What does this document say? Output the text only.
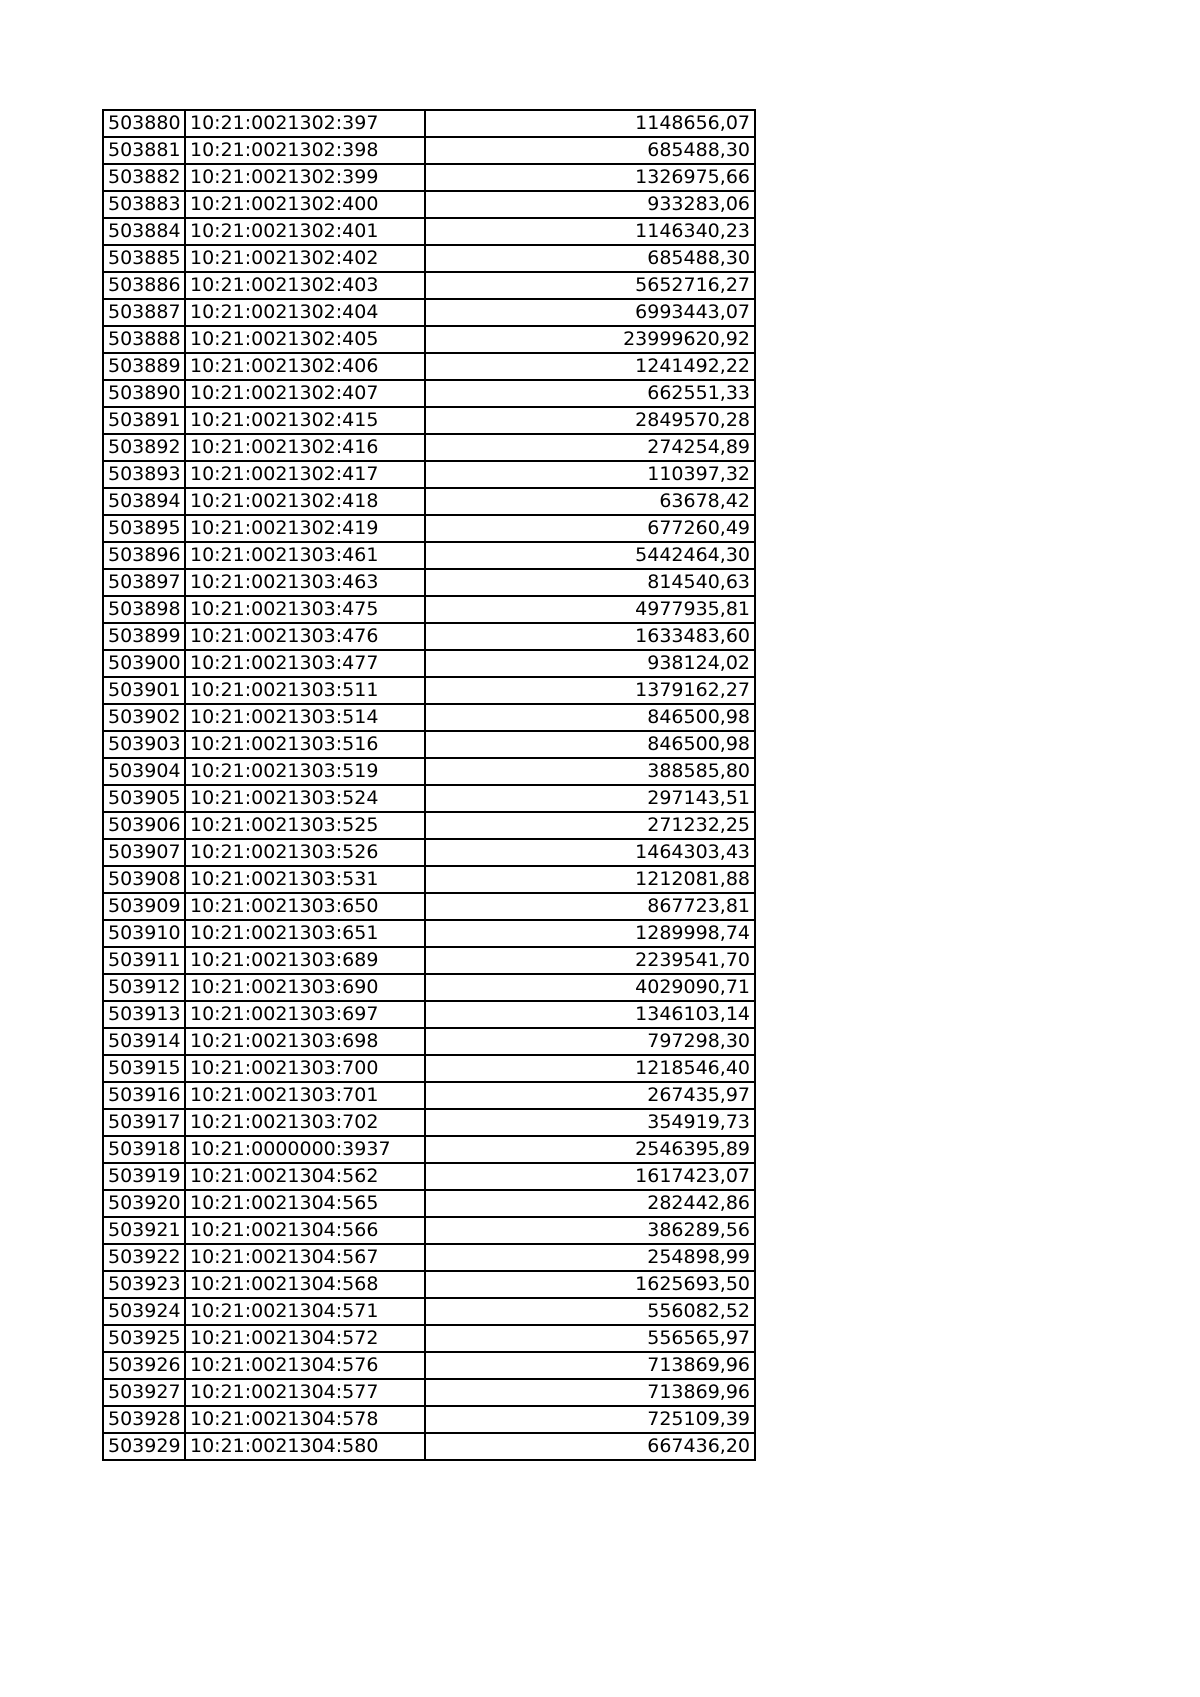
503880	10:21:0021302:397	1148656,07
503881	10:21:0021302:398	685488,30
503882	10:21:0021302:399	1326975,66
503883	10:21:0021302:400	933283,06
503884	10:21:0021302:401	1146340,23
503885	10:21:0021302:402	685488,30
503886	10:21:0021302:403	5652716,27
503887	10:21:0021302:404	6993443,07
503888	10:21:0021302:405	23999620,92
503889	10:21:0021302:406	1241492,22
503890	10:21:0021302:407	662551,33
503891	10:21:0021302:415	2849570,28
503892	10:21:0021302:416	274254,89
503893	10:21:0021302:417	110397,32
503894	10:21:0021302:418	63678,42
503895	10:21:0021302:419	677260,49
503896	10:21:0021303:461	5442464,30
503897	10:21:0021303:463	814540,63
503898	10:21:0021303:475	4977935,81
503899	10:21:0021303:476	1633483,60
503900	10:21:0021303:477	938124,02
503901	10:21:0021303:511	1379162,27
503902	10:21:0021303:514	846500,98
503903	10:21:0021303:516	846500,98
503904	10:21:0021303:519	388585,80
503905	10:21:0021303:524	297143,51
503906	10:21:0021303:525	271232,25
503907	10:21:0021303:526	1464303,43
503908	10:21:0021303:531	1212081,88
503909	10:21:0021303:650	867723,81
503910	10:21:0021303:651	1289998,74
503911	10:21:0021303:689	2239541,70
503912	10:21:0021303:690	4029090,71
503913	10:21:0021303:697	1346103,14
503914	10:21:0021303:698	797298,30
503915	10:21:0021303:700	1218546,40
503916	10:21:0021303:701	267435,97
503917	10:21:0021303:702	354919,73
503918	10:21:0000000:3937	2546395,89
503919	10:21:0021304:562	1617423,07
503920	10:21:0021304:565	282442,86
503921	10:21:0021304:566	386289,56
503922	10:21:0021304:567	254898,99
503923	10:21:0021304:568	1625693,50
503924	10:21:0021304:571	556082,52
503925	10:21:0021304:572	556565,97
503926	10:21:0021304:576	713869,96
503927	10:21:0021304:577	713869,96
503928	10:21:0021304:578	725109,39
503929	10:21:0021304:580	667436,20
